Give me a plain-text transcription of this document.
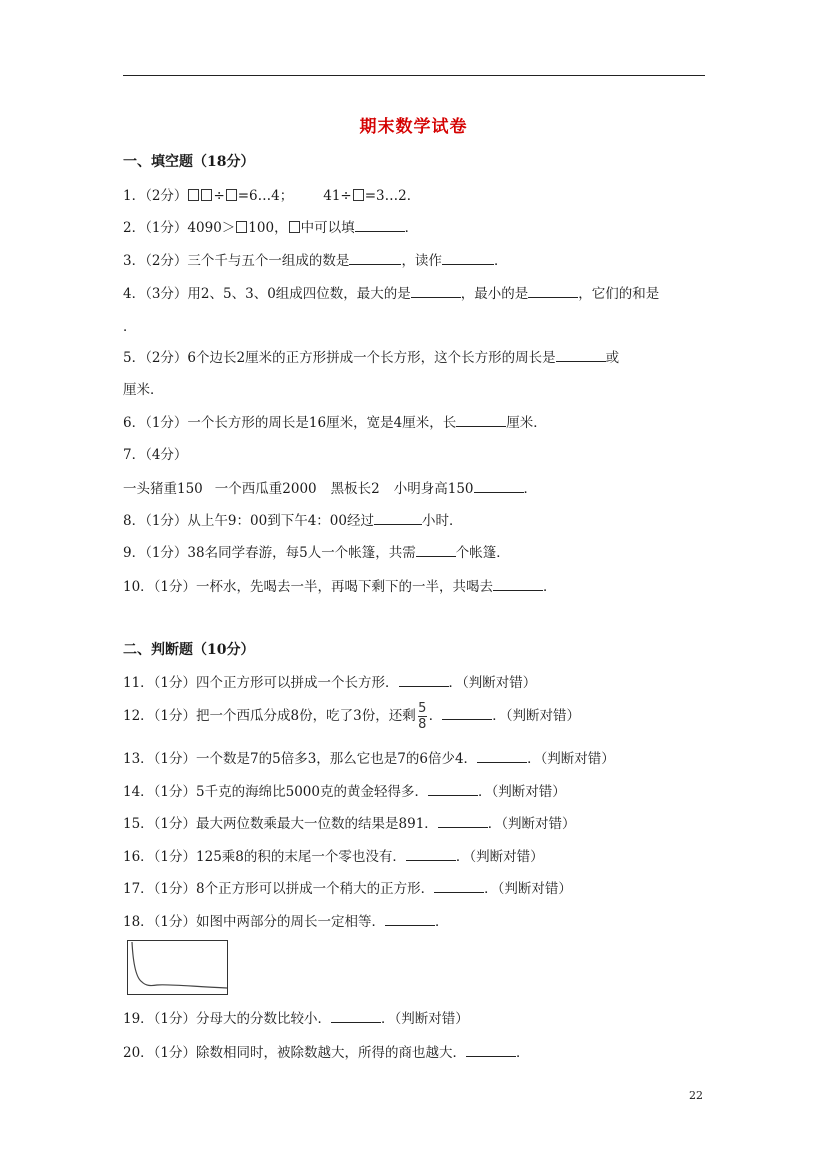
期末数学试卷
一、填空题（18分）
1．（2分） ÷ =6…4； 41÷ =3…2．
2．（1分）4090＞ 100， 中可以填	．
3．（2分）三个千与五个一组成的数是	，读作	．
4．（3分）用2、5、3、0组成四位数，最大的是	，最小的是	，它们的和是
．
5．（2分）6个边长2厘米的正方形拼成一个长方形，这个长方形的周长是	或
厘米．
6．（1分）一个长方形的周长是16厘米，宽是4厘米，长	厘米．
7．（4分）
一头猪重150 一个西瓜重2000 黑板长2 小明身高150	．
8．（1分）从上午9：00到下午4：00经过	小时．
9．（1分）38名同学春游，每5人一个帐篷，共需	个帐篷．
10．（1分）一杯水，先喝去一半，再喝下剩下的一半，共喝去	．
二、判断题（10分）
11．（1分）四个正方形可以拼成一个长方形．	．（判断对错）
12．（1分）把一个西瓜分成8份，吃了3份，还剩 $\frac{5}{8}$ ．	．（判断对错）
13．（1分）一个数是7的5倍多3，那么它也是7的6倍少4．	．（判断对错）
14．（1分）5千克的海绵比5000克的黄金轻得多．	．（判断对错）
15．（1分）最大两位数乘最大一位数的结果是891．	．（判断对错）
16．（1分）125乘8的积的末尾一个零也没有．	．（判断对错）
17．（1分）8个正方形可以拼成一个稍大的正方形．	．（判断对错）
18．（1分）如图中两部分的周长一定相等．	．
19．（1分）分母大的分数比较小．	．（判断对错）
20．（1分）除数相同时，被除数越大，所得的商也越大．	．
22
